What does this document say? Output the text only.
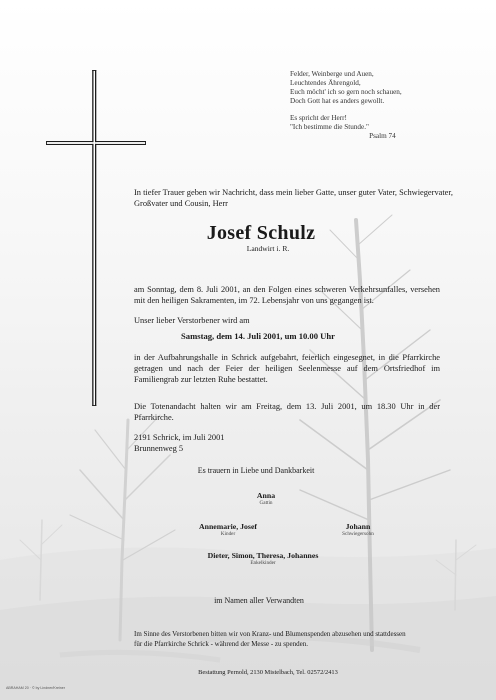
Felder, Weinberge und Auen,
Leuchtendes Ährengold,
Euch möcht' ich so gern noch schauen,
Doch Gott hat es anders gewollt.
Es spricht der Herr!
"Ich bestimme die Stunde."
Psalm 74
In tiefer Trauer geben wir Nachricht, dass mein lieber Gatte, unser guter Vater, Schwiegervater, Großvater und Cousin, Herr
Josef Schulz
Landwirt i. R.
am Sonntag, dem 8. Juli 2001, an den Folgen eines schweren Verkehrsunfalles, versehen mit den heiligen Sakramenten, im 72. Lebensjahr von uns gegangen ist.
Unser lieber Verstorbener wird am
Samstag, dem 14. Juli 2001, um 10.00 Uhr
in der Aufbahrungshalle in Schrick aufgebahrt, feierlich eingesegnet, in die Pfarrkirche getragen und nach der Feier der heiligen Seelenmesse auf dem Ortsfriedhof im Familiengrab zur letzten Ruhe bestattet.
Die Totenandacht halten wir am Freitag, dem 13. Juli 2001, um 18.30 Uhr in der Pfarrkirche.
2191 Schrick, im Juli 2001
Brunnenweg 5
Es trauern in Liebe und Dankbarkeit
Anna
Gattin
Annemarie, Josef
Kinder
Johann
Schwiegersohn
Dieter, Simon, Theresa, Johannes
Enkelkinder
im Namen aller Verwandten
Im Sinne des Verstorbenen bitten wir von Kranz- und Blumenspenden abzusehen und stattdessen
für die Pfarrkirche Schrick - während der Messe - zu spenden.
Bestattung Pernold, 2130 Mistelbach, Tel. 02572/2413
ABRAHAM 20 · © by Lindner/Kreiner
